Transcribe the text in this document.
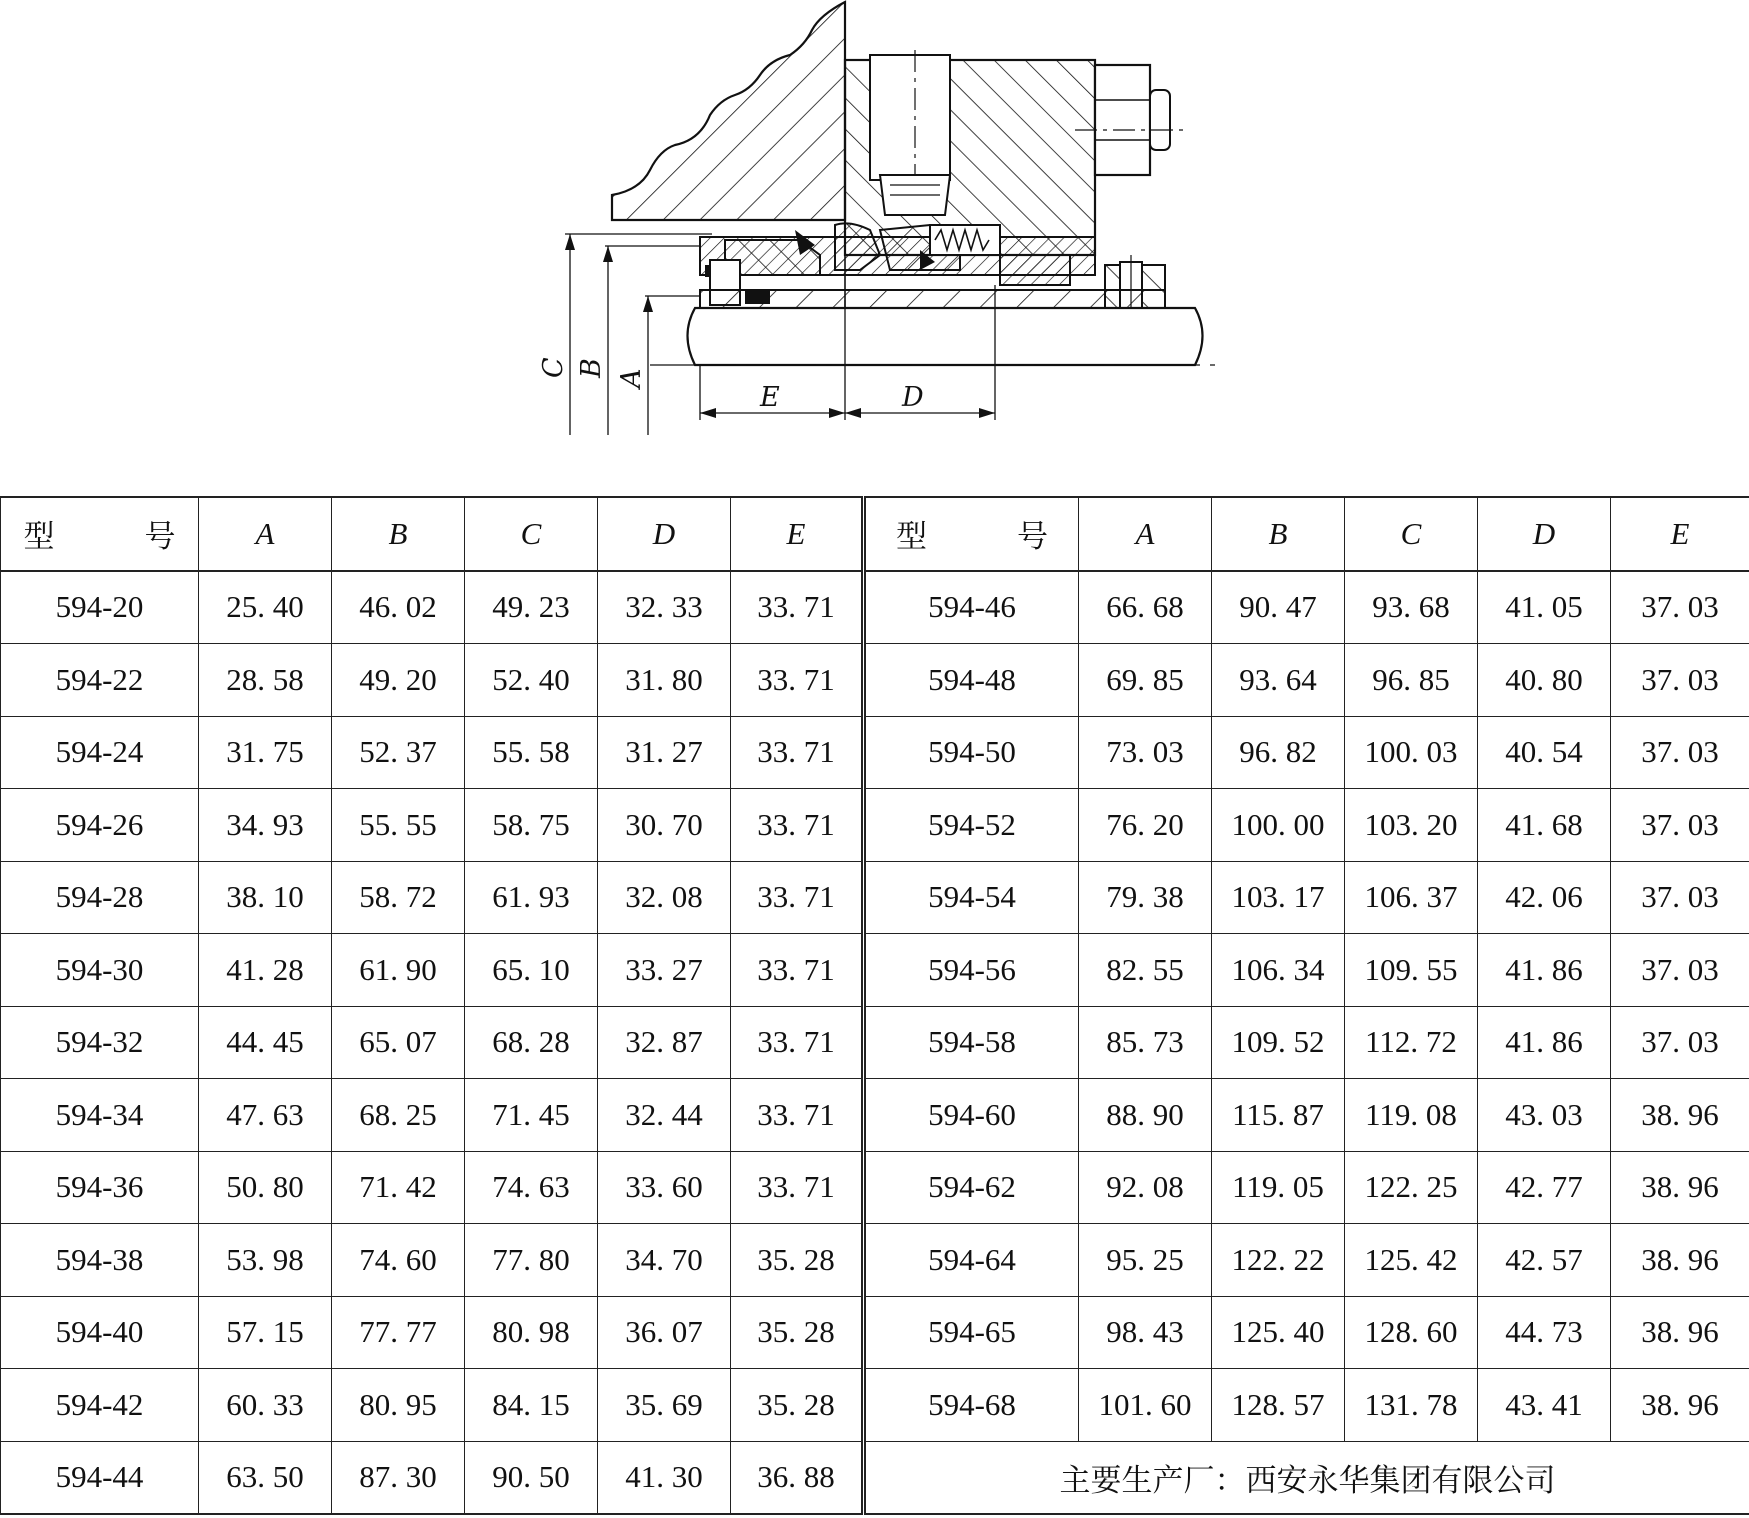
C B
A
E	D
型 号	A	B	C	D	E	型 号	A	B	C	D	E
594-20	25. 40	46. 02	49. 23	32. 33	33. 71	594-46	66. 68	90. 47	93. 68	41. 05	37. 03
594-22	28. 58	49. 20	52. 40	31. 80	33. 71	594-48	69. 85	93. 64	96. 85	40. 80	37. 03
594-24	31. 75	52. 37	55. 58	31. 27	33. 71	594-50	73. 03	96. 82	100. 03	40. 54	37. 03
594-26	34. 93	55. 55	58. 75	30. 70	33. 71	594-52	76. 20	100. 00	103. 20	41. 68	37. 03
594-28	38. 10	58. 72	61. 93	32. 08	33. 71	594-54	79. 38	103. 17	106. 37	42. 06	37. 03
594-30	41. 28	61. 90	65. 10	33. 27	33. 71	594-56	82. 55	106. 34	109. 55	41. 86	37. 03
594-32	44. 45	65. 07	68. 28	32. 87	33. 71	594-58	85. 73	109. 52	112. 72	41. 86	37. 03
594-34	47. 63	68. 25	71. 45	32. 44	33. 71	594-60	88. 90	115. 87	119. 08	43. 03	38. 96
594-36	50. 80	71. 42	74. 63	33. 60	33. 71	594-62	92. 08	119. 05	122. 25	42. 77	38. 96
594-38	53. 98	74. 60	77. 80	34. 70	35. 28	594-64	95. 25	122. 22	125. 42	42. 57	38. 96
594-40	57. 15	77. 77	80. 98	36. 07	35. 28	594-65	98. 43	125. 40	128. 60	44. 73	38. 96
594-42	60. 33	80. 95	84. 15	35. 69	35. 28	594-68	101. 60	128. 57	131. 78	43. 41	38. 96
594-44	63. 50	87. 30	90. 50	41. 30	36. 88	主要生产厂：西安永华集团有限公司					
